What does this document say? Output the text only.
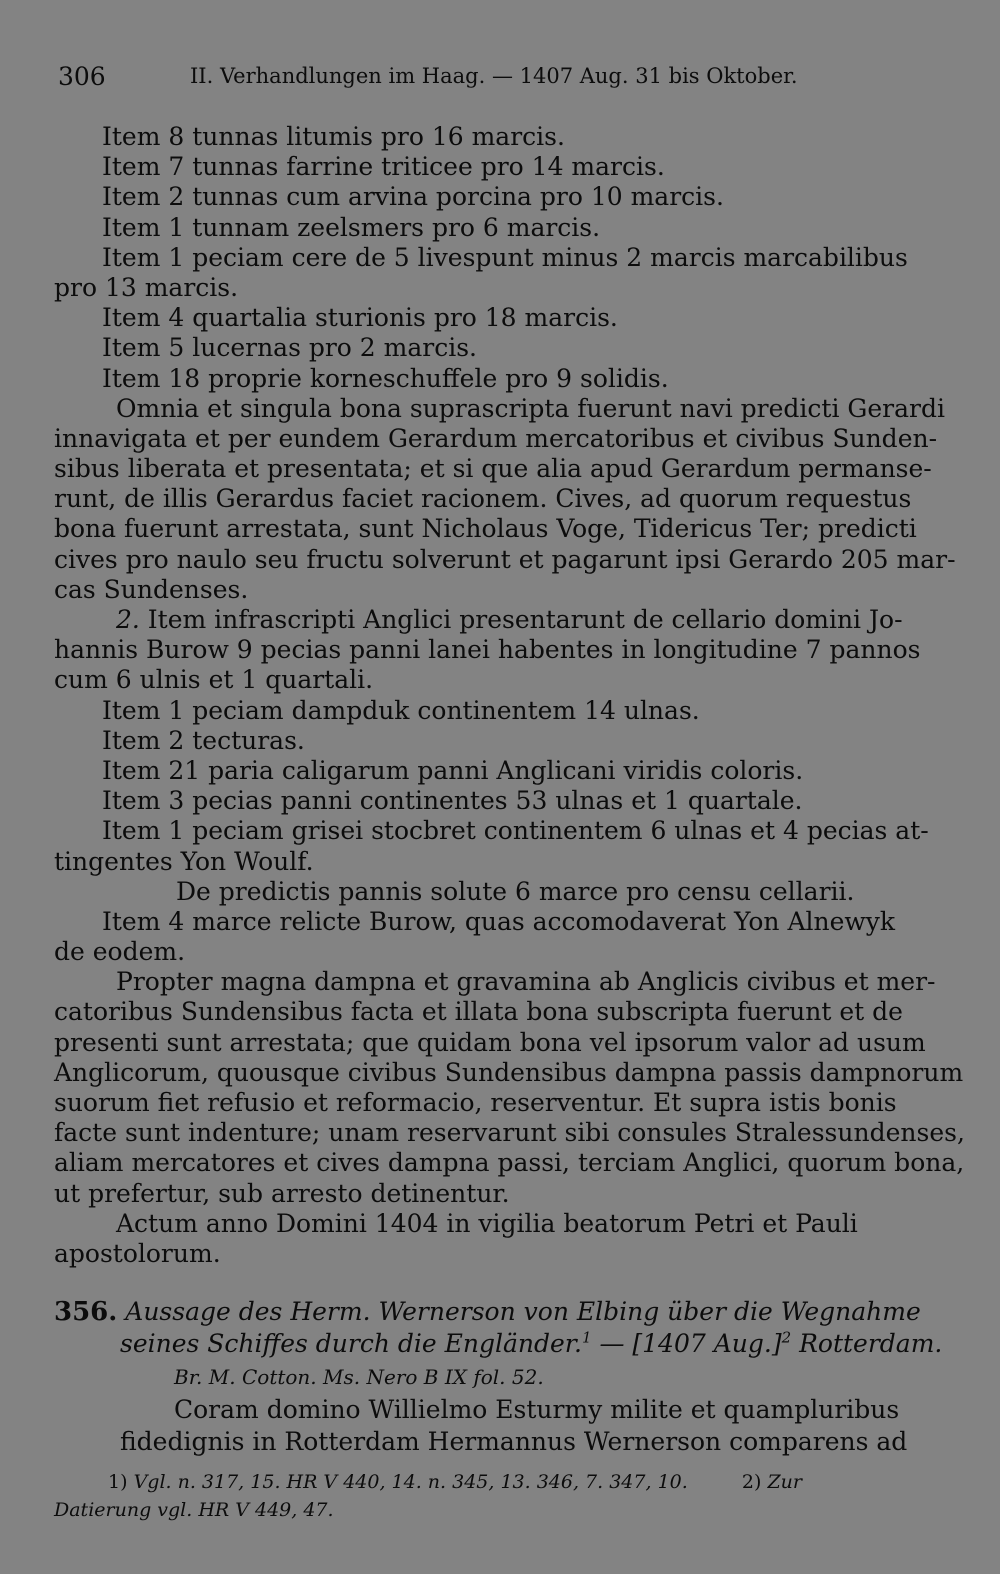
306	II. Verhandlungen im Haag. — 1407 Aug. 31 bis Oktober.
Item 8 tunnas litumis pro 16 marcis.
Item 7 tunnas farrine triticee pro 14 marcis.
Item 2 tunnas cum arvina porcina pro 10 marcis.
Item 1 tunnam zeelsmers pro 6 marcis.
Item 1 peciam cere de 5 livespunt minus 2 marcis marcabilibus
pro 13 marcis.
Item 4 quartalia sturionis pro 18 marcis.
Item 5 lucernas pro 2 marcis.
Item 18 proprie korneschuffele pro 9 solidis.
Omnia et singula bona suprascripta fuerunt navi predicti Gerardi
innavigata et per eundem Gerardum mercatoribus et civibus Sunden-
sibus liberata et presentata; et si que alia apud Gerardum permanse-
runt, de illis Gerardus faciet racionem. Cives, ad quorum requestus
bona fuerunt arrestata, sunt Nicholaus Voge, Tidericus Ter; predicti
cives pro naulo seu fructu solverunt et pagarunt ipsi Gerardo 205 mar-
cas Sundenses.
2. Item infrascripti Anglici presentarunt de cellario domini Jo-
hannis Burow 9 pecias panni lanei habentes in longitudine 7 pannos
cum 6 ulnis et 1 quartali.
Item 1 peciam dampduk continentem 14 ulnas.
Item 2 tecturas.
Item 21 paria caligarum panni Anglicani viridis coloris.
Item 3 pecias panni continentes 53 ulnas et 1 quartale.
Item 1 peciam grisei stocbret continentem 6 ulnas et 4 pecias at-
tingentes Yon Woulf.
De predictis pannis solute 6 marce pro censu cellarii.
Item 4 marce relicte Burow, quas accomodaverat Yon Alnewyk
de eodem.
Propter magna dampna et gravamina ab Anglicis civibus et mer-
catoribus Sundensibus facta et illata bona subscripta fuerunt et de
presenti sunt arrestata; que quidam bona vel ipsorum valor ad usum
Anglicorum, quousque civibus Sundensibus dampna passis dampnorum
suorum fiet refusio et reformacio, reserventur. Et supra istis bonis
facte sunt indenture; unam reservarunt sibi consules Stralessundenses,
aliam mercatores et cives dampna passi, terciam Anglici, quorum bona,
ut prefertur, sub arresto detinentur.
Actum anno Domini 1404 in vigilia beatorum Petri et Pauli
apostolorum.
356. Aussage des Herm. Wernerson von Elbing über die Wegnahme
seines Schiffes durch die Engländer.$^1$ — [1407 Aug.]$^2$ Rotterdam.
Br. M. Cotton. Ms. Nero B IX fol. 52.
Coram domino Willielmo Esturmy milite et quampluribus
fidedignis in Rotterdam Hermannus Wernerson comparens ad
1) Vgl. n. 317, 15. HR V 440, 14. n. 345, 13. 346, 7. 347, 10.	2) Zur
Datierung vgl. HR V 449, 47.
